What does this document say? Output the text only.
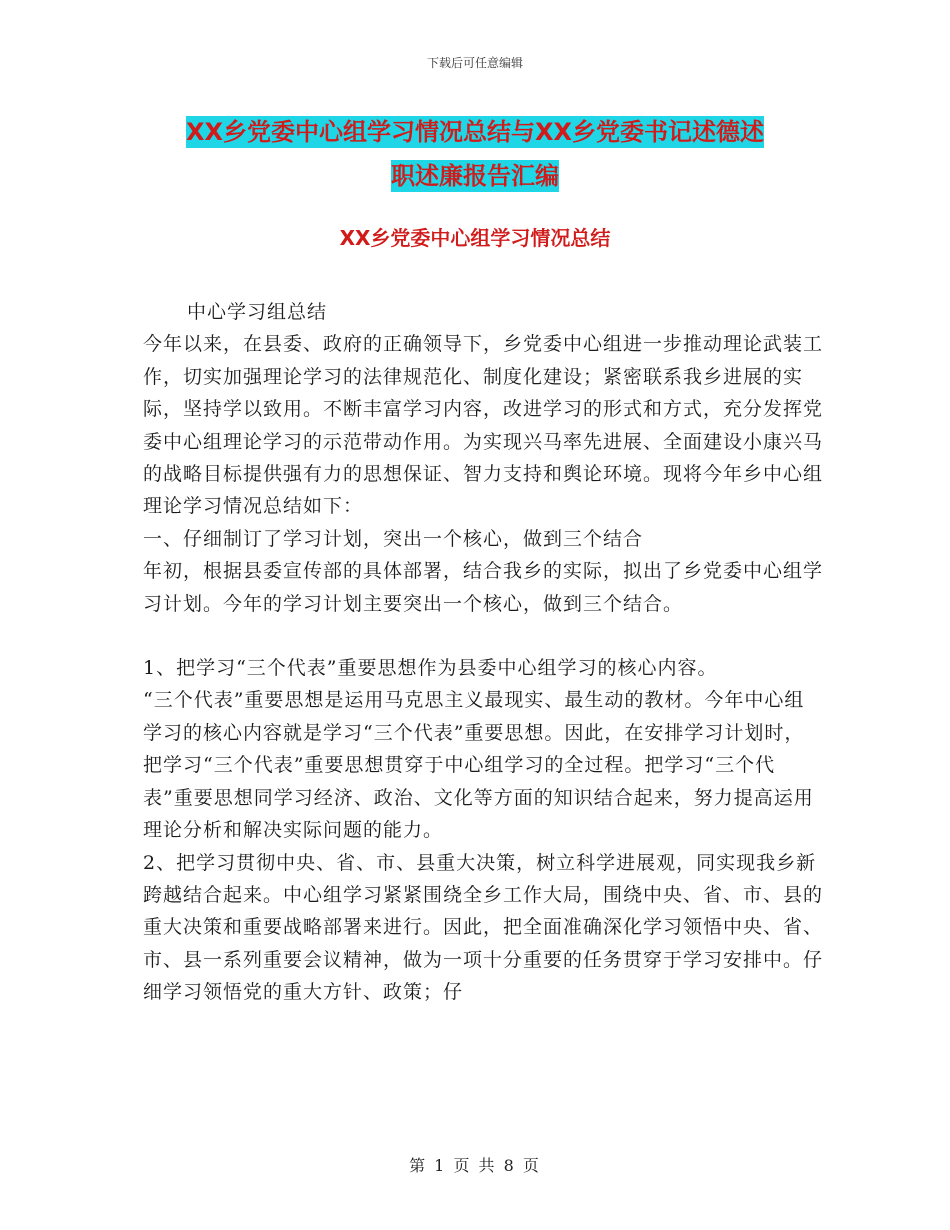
下载后可任意编辑
XX乡党委中心组学习情况总结与XX乡党委书记述德述
职述廉报告汇编
XX乡党委中心组学习情况总结

中心学习组总结

今年以来，在县委、政府的正确领导下，乡党委中心组进一步推动理论武装工作，切实加强理论学习的法律规范化、制度化建设；紧密联系我乡进展的实际，坚持学以致用。不断丰富学习内容，改进学习的形式和方式，充分发挥党委中心组理论学习的示范带动作用。为实现兴马率先进展、全面建设小康兴马的战略目标提供强有力的思想保证、智力支持和舆论环境。现将今年乡中心组理论学习情况总结如下：

一、仔细制订了学习计划，突出一个核心，做到三个结合

年初，根据县委宣传部的具体部署，结合我乡的实际，拟出了乡党委中心组学习计划。今年的学习计划主要突出一个核心，做到三个结合。

1、把学习“三个代表”重要思想作为县委中心组学习的核心内容。

“三个代表”重要思想是运用马克思主义最现实、最生动的教材。今年中心组学习的核心内容就是学习“三个代表”重要思想。因此，在安排学习计划时，把学习“三个代表”重要思想贯穿于中心组学习的全过程。把学习“三个代表”重要思想同学习经济、政治、文化等方面的知识结合起来，努力提高运用理论分析和解决实际问题的能力。

2、把学习贯彻中央、省、市、县重大决策，树立科学进展观，同实现我乡新跨越结合起来。中心组学习紧紧围绕全乡工作大局，围绕中央、省、市、县的重大决策和重要战略部署来进行。因此，把全面准确深化学习领悟中央、省、市、县一系列重要会议精神，做为一项十分重要的任务贯穿于学习安排中。仔细学习领悟党的重大方针、政策；仔

第 1 页 共 8 页
